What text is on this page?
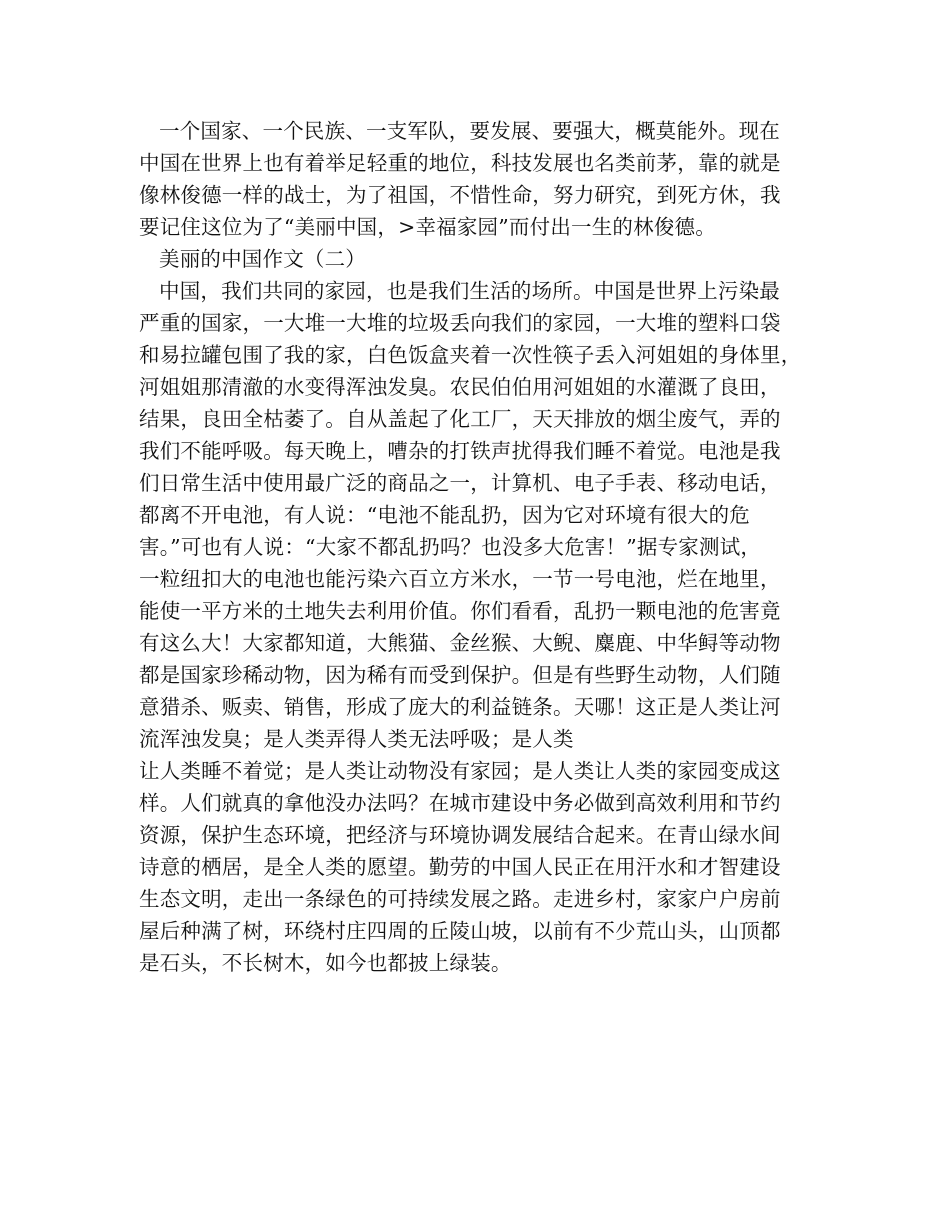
一个国家、一个民族、一支军队，要发展、要强大，概莫能外。现在
中国在世界上也有着举足轻重的地位，科技发展也名类前茅，靠的就是
像林俊德一样的战士，为了祖国，不惜性命，努力研究，到死方休，我
要记住这位为了“美丽中国，>幸福家园”而付出一生的林俊德。
美丽的中国作文（二）
中国，我们共同的家园，也是我们生活的场所。中国是世界上污染最
严重的国家，一大堆一大堆的垃圾丢向我们的家园，一大堆的塑料口袋
和易拉罐包围了我的家，白色饭盒夹着一次性筷子丢入河姐姐的身体里，
河姐姐那清澈的水变得浑浊发臭。农民伯伯用河姐姐的水灌溉了良田，
结果，良田全枯萎了。自从盖起了化工厂，天天排放的烟尘废气，弄的
我们不能呼吸。每天晚上，嘈杂的打铁声扰得我们睡不着觉。电池是我
们日常生活中使用最广泛的商品之一，计算机、电子手表、移动电话，
都离不开电池，有人说：“电池不能乱扔，因为它对环境有很大的危
害。”可也有人说：“大家不都乱扔吗？也没多大危害！”据专家测试，
一粒纽扣大的电池也能污染六百立方米水，一节一号电池，烂在地里，
能使一平方米的土地失去利用价值。你们看看，乱扔一颗电池的危害竟
有这么大！大家都知道，大熊猫、金丝猴、大鲵、麋鹿、中华鲟等动物
都是国家珍稀动物，因为稀有而受到保护。但是有些野生动物，人们随
意猎杀、贩卖、销售，形成了庞大的利益链条。天哪！这正是人类让河
流浑浊发臭；是人类弄得人类无法呼吸；是人类
让人类睡不着觉；是人类让动物没有家园；是人类让人类的家园变成这
样。人们就真的拿他没办法吗？在城市建设中务必做到高效利用和节约
资源，保护生态环境，把经济与环境协调发展结合起来。在青山绿水间
诗意的栖居，是全人类的愿望。勤劳的中国人民正在用汗水和才智建设
生态文明，走出一条绿色的可持续发展之路。走进乡村，家家户户房前
屋后种满了树，环绕村庄四周的丘陵山坡，以前有不少荒山头，山顶都
是石头，不长树木，如今也都披上绿装。
